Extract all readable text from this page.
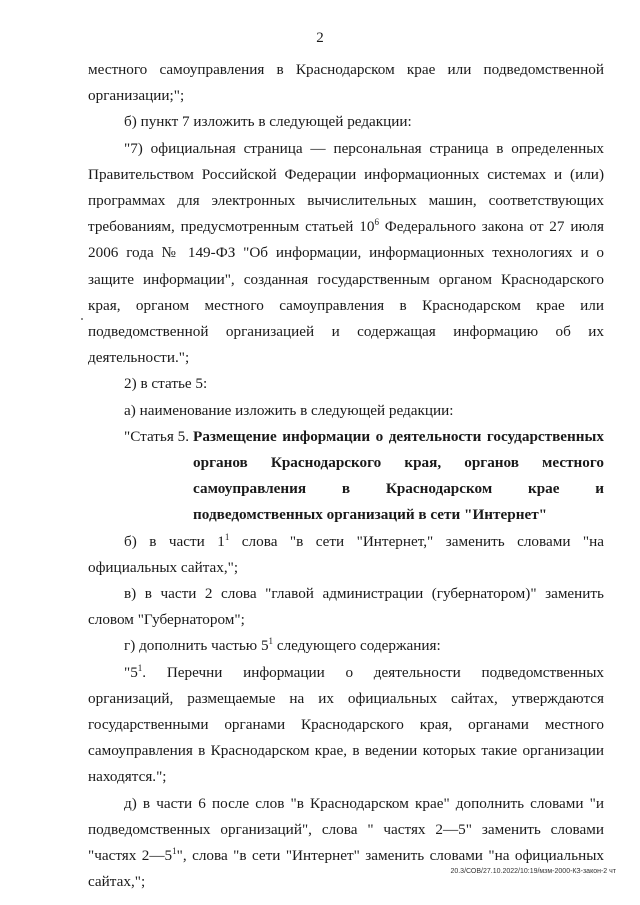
2

местного самоуправления в Краснодарском крае или подведомственной организации;";

б) пункт 7 изложить в следующей редакции:

"7) официальная страница — персональная страница в определенных Правительством Российской Федерации информационных системах и (или) программах для электронных вычислительных машин, соответствующих требованиям, предусмотренным статьей $10^6$ Федерального закона от 27 июля 2006 года № 149-ФЗ "Об информации, информационных технологиях и о защите информации", созданная государственным органом Краснодарского края, органом местного самоуправления в Краснодарском крае или подведомственной организацией и содержащая информацию об их деятельности.";

2) в статье 5:

а) наименование изложить в следующей редакции:

"Статья 5. Размещение информации о деятельности государственных органов Краснодарского края, органов местного самоуправления в Краснодарском крае и подведомственных организаций в сети "Интернет"

б) в части $1^1$ слова "в сети "Интернет," заменить словами "на официальных сайтах,";

в) в части 2 слова "главой администрации (губернатором)" заменить словом "Губернатором";

г) дополнить частью $5^1$ следующего содержания:

"$5^1$. Перечни информации о деятельности подведомственных организаций, размещаемые на их официальных сайтах, утверждаются государственными органами Краснодарского края, органами местного самоуправления в Краснодарском крае, в ведении которых такие организации находятся.";

д) в части 6 после слов "в Краснодарском крае" дополнить словами "и подведомственных организаций", слова " частях 2—5" заменить словами "частях $2—5^1$", слова "в сети "Интернет" заменить словами "на официальных сайтах,";

20.3/СОВ/27.10.2022/10:19/мзм-2000-КЗ-закон-2 чт
